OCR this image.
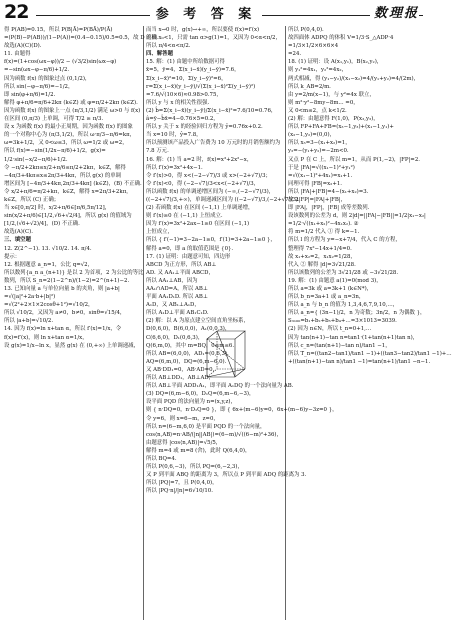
22	参 考 答 案	数理报
得 P(AB)=0.15，所以 P(B|Ā)=P(BĀ)/P(Ā)
=(P(B)−P(AB))/(1−P(A))=(0.4−0.15)/0.5=0.5，故 D 正确.
故选(A)(C)(D).
11. 由题得
f(x)=(1+cos(ωx−φ))/2 − (√3/2)sin(ωx−φ)
=−sin(ωx−φ−π/6)+1/2.
因为函数 f(x) 的图象过点 (0,1/2)，
所以 sin(−φ−π/6)=−1/2，
即 sin(φ+π/6)=1/2.
解得 φ+π/6=π/6+2kπ (k∈Z) 或 φ=π/2+2kπ (k∈Z).
因为函数 f(x) 的图象上一点 (π/3,1/2) 满足 ω>0 与 f(x)
在区间 (0,π/3) 上单调，可得 T/2 ≥ π/3.
设 x 为函数 f(x) 的最小正周期，因为函数 f(x) 的图象
的一个对称中心为 (π/3,1/2)，所以 ω·π/3−π/6=kπ，
ω=3k+1/2，又 0<ω≤3，所以 ω=1/2 或 ω=2，
所以 f(x)=−sin(1/2x−π/6)+1/2，g(x)=
1/2·sin(−x/2−π/6)+1/2.
令 −π/2+2kπ≤x/2+π/6≤π/2+2kπ，k∈Z，解得
−4π/3+4kπ≤x≤2π/3+4kπ，所以 g(x) 的单调
增区间为 [−4π/3+4kπ,2π/3+4kπ] (k∈Z)，(B) 不正确.
令 x/2+π/6=π/2+kπ，k∈Z，解得 x=2π/3+2kπ，
k∈Z，所以 (C) 正确；
当 x∈[0,π/2] 时，x/2+π/6∈[π/6,5π/12]，
sin(x/2+π/6)∈[1/2,√6+√2/4]，所以 g(x) 的值域为
[1/2,(√6+√2)/4]，(D) 不正确.
故选(A)(C).
三、填空题
12. Z(2^−1). 13. √10/2. 14. π/4.
提示：
12. 根据题意 a_n=1，公比 q=√2，
所以数列{a_n a_(n+1)} 是以 2 为首项，2 为公比的等比
数列，所以 S_n=2(1−2^n)/(1−2)=2^(n+1)−2.
13. 已知向量 a 与单位向量 b 的夹角，则 |a+b|
=√(|a|²+2a·b+|b|²)
=√(2²+2×1×2cosθ+1²)=√10/2，
所以 √10/2，又因为 a≠0，b≠0，sinθ=√15/4，
所以 |a+b|=√10/2.
14. 因为 f(x)=ln x+tan α，所以 f′(x)=1/x，令
f(x)=f′(x)，则 ln x+tan α=1/x，
设 g(x)=1/x−ln x，显然 g(x) 在 (0,+∞) 上单调递减，
而当 x→0 时，g(x)→+∞，所以要使 f(x)=f′(x)
的根 x₀<1，只需 tan α>g(1)=1，又因为 0<α<π/2，
所以 π/4<α<π/2.
四、解答题
15. 解：(1) 由题中所给数据可得
x̄=5，ȳ=4，Σ(x_i−x̄)(y_i−ȳ)=7.6，
Σ(x_i−x̄)²=10，Σ(y_i−ȳ)²=6，
r=Σ(x_i−x̄)(y_i−ȳ)/√(Σ(x_i−x̄)²Σ(y_i−ȳ)²)
=7.6/√(10×6)≈0.98>0.75，
所以 y 与 x 的相关性很强.
(2) b̂=Σ(x_i−x̄)(y_i−ȳ)/Σ(x_i−x̄)²=7.6/10=0.76，
â=ȳ−b̂x̄=4−0.76×5=0.2，
所以 y 关于 x 的经验回归方程为 ŷ=0.76x+0.2.
当 x=10 时，ŷ=7.8，
所以预测该产品投入广告费为 10 万元时的月销售额约为
7.8 万元.
16. 解：(1) 当 a=2 时，f(x)=x³+2x²−x，
所以 f′(x)=3x²+4x−1.
令 f′(x)>0，得 x<(−2−√7)/3 或 x>(−2+√7)/3；
令 f′(x)<0，得 (−2−√7)/3<x<(−2+√7)/3，
所以函数 f(x) 的单调递增区间为 (−∞,(−2−√7)/3)，
((−2+√7)/3,+∞)，单调递减区间为 ((−2−√7)/3,(−2+√7)/3).
(2) 若函数 f(x) 在区间 (−1,1) 上单调递增，
则 f′(x)≥0 在 (−1,1) 上恒成立.
因为 f′(x)=3x²+2ax−1≥0 在区间 (−1,1)
上恒成立，
所以 { f′(−1)=3−2a−1≥0，f′(1)=3+2a−1≥0 }，
解得 a=0，即 a 的取值范围是 {0}.
17. (1) 证明：由题意可知，四边形
ABCD 为正方形，所以 AB⊥
AD. 又 AA₁⊥平面 ABCD，
所以 AA₁⊥AB，因为
AA₁∩AD=A，所以 AB⊥
平面 AA₁D₁D. 所以 AB⊥
A₁D，又 AB₁⊥A₁D，
所以 A₁D⊥平面 AB₁C₁D.
(2) 解：以 A 为原点建立空间直角坐标系，
D(0,6,0)，B(6,0,0)，A₁(0,0,3)，
C(6,6,0)，D₁(0,6,3)，
Q(6,m,0)，其中 m=BQ，0≤m≤6.
所以 AB=(6,0,0)，AD₁=(0,6,3)，
AQ=(6,m,0)，DQ=(6,m−6,0).
又 AB·DD₁=0，AB·AD=0，
所以 AB⊥DD₁，AB⊥AD，
所以 AB⊥平面 ADD₁A₁，即平面 A₁DQ 的一个法向量为 AB.
(3) DQ=(6,m−6,0)，D₁Q=(6,m−6,−3)，
设平面 PQD 的法向量为 n=(x,y,z)，
则 { n·DQ=0，n·D₁Q=0 }，即 { 6x+(m−6)y=0，6x+(m−6)y−3z=0 }，
令 y=6，则 x=6−m，z=0，
所以 n=(6−m,6,0) 是平面 PQD 的一个法向量，
cos⟨n,AB⟩=n·AB/(|n||AB|)=(6−m)/√((6−m)²+36)，
由题意得 |cos⟨n,AB⟩|=√5/5，
解得 m=4 或 m=8 (舍)，此时 Q(6,4,0)，
所以 BQ=4.
所以 P(0,6,−3)，所以 PQ=(6,−2,3)，
又 P 到平面 ABQ 的距离为 3，所以点 P 到平面 ADQ 的距离为 3.
所以 |PQ|=7，且 P(0,4,0)，
所以 |PQ·n|/|n|=6√10/10.
所以 P(0,4,0).
故四面体 ADPQ 的体积 V=1/3·S_△ADP·4
=1/3×1/2×6×6×4
=24.
18. (1) 证明：设 A(x₁,y₁)，B(x₂,y₂)，
则 y₁²=4x₁，y₂²=4x₂，
两式相减，得 (y₁−y₂)/(x₁−x₂)=4/(y₁+y₂)=4/(2m)，
所以 k_AB=2/m.
由 y=2/m(x−1)，与 y²=4x 联立，
则 m²·y²−8my−8m... =0，
又 0<m≤2，点 k<1/2.
(2) 解：由题意得 F(1,0)，P(x₃,y₃)，
所以 FP+FA+FB=(x₃−1,y₃)+(x₁−1,y₁)+
(x₂−1,y₂)=(0,0)，
所以 x₃=3−(x₁+x₂)=1，
y₃=−(y₁+y₂)=−2m<0.
又点 P 在 C 上，所以 m=1，从而 P(1,−2)，|FP|=2.
于是 |FA|=√((x₁−1)²+y₁²)
=√((x₁−1)²+4x₁)=x₁+1.
同理可得 |FB|=x₂+1.
所以 |FA|+|FB|=4−(x₁+x₂)=3.
故 2|FP|=|FA|+|FB|，
即 |FA|，|FP|，|FB| 成等差数列.
设该数列的公差为 d，则 2|d|=||FA|−|FB||=1/2|x₁−x₂|
=1/2·√((x₁+x₂)²−4x₁x₂). ②
将 m=1/2 代入 ① 得 k=−1.
所以 l 的方程为 y=−x+7/4，代入 C 的方程，
整理得 7x²−14x+1/4=0.
故 x₁+x₂=2，x₁x₂=1/28，
代入 ② 解得 |d|=3√21/28.
所以该数列的公差为 3√21/28 或 −3√21/28.
19. 解：(1) 由题意 a(1)=0(mod 3)，
所以 a=3k 或 a=3k+1 (k∈N*)，
所以 b_n=3a+1 或 a_n=3n，
所以 a_n 与 b_n 的值为 1,3,4,6,7,9,10,…，
所以 a_n={ (3n−1)/2，n 为奇数；3n/2，n 为偶数 }，
S₃₁₀₀=b₁+b₂+b₃+b₄+…=3×1013=3039.
(2) 因为 n∈N，所以 t_n=0+1,…
因为 tan(n+1)−tan n=tan1·(1+tan(n+1)tan n)，
所以 c_n=(tan(n+1)−tan n)/tan1 −1，
所以 T_n=((tan2−tan1)/tan1 −1)+((tan3−tan2)/tan1 −1)+…
+((tan(n+1)−tan n)/tan1 −1)=tan(n+1)/tan1 −n−1.
